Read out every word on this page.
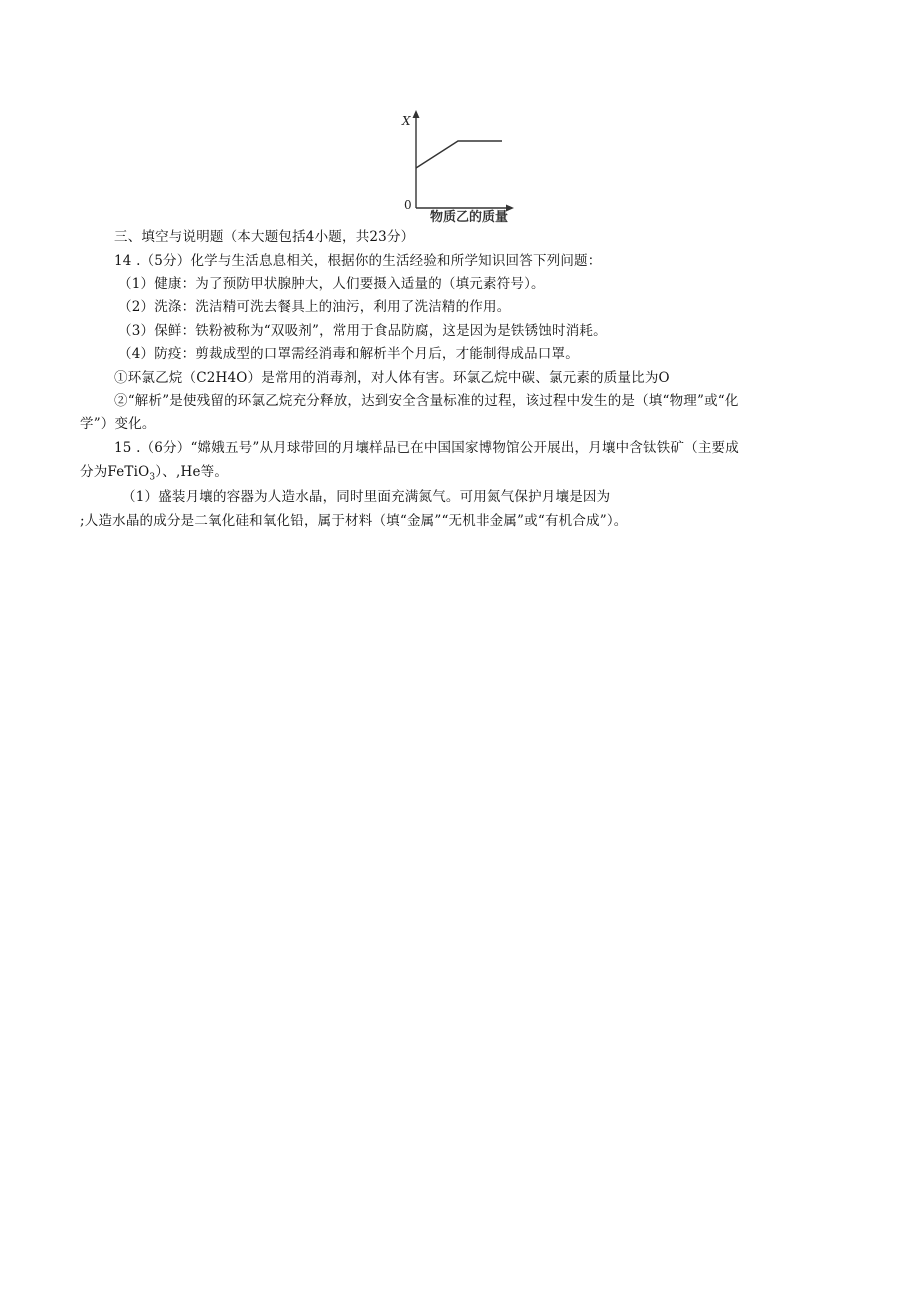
X
0
物质乙的质量
三、填空与说明题（本大题包括4小题，共23分）
14 .（5分）化学与生活息息相关，根据你的生活经验和所学知识回答下列问题：
（1）健康：为了预防甲状腺肿大，人们要摄入适量的（填元素符号）。
（2）洗涤：洗洁精可洗去餐具上的油污，利用了洗洁精的作用。
（3）保鲜：铁粉被称为“双吸剂”，常用于食品防腐，这是因为是铁锈蚀时消耗。
（4）防疫：剪裁成型的口罩需经消毒和解析半个月后，才能制得成品口罩。
①环氯乙烷（C2H4O）是常用的消毒剂，对人体有害。环氯乙烷中碳、氯元素的质量比为O
②“解析”是使残留的环氯乙烷充分释放，达到安全含量标准的过程，该过程中发生的是（填“物理”或“化
学”）变化。
15 .（6分）“嫦娥五号”从月球带回的月壤样品已在中国国家博物馆公开展出，月壤中含钛铁矿（主要成
分为FeTiO$_3$）、,He等。
（1）盛装月壤的容器为人造水晶，同时里面充满氮气。可用氮气保护月壤是因为
;人造水晶的成分是二氧化硅和氧化铅，属于材料（填“金属”“无机非金属”或“有机合成”）。
